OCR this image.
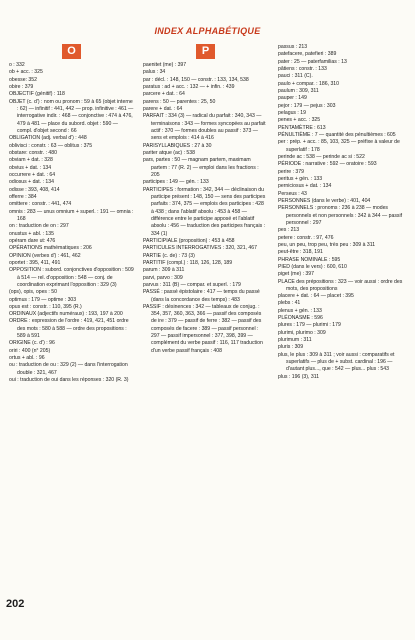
INDEX ALPHABÉTIQUE
O
o : 332
ob + acc. : 325
obesse: 352
obire : 379
OBJECTIF (génitif) : 118
OBJET (c. d') : nom ou pronom : 59 à 65 (objet interne : 62) — infinitif : 441, 442 — prop. infinitive : 461 — interrogative indir. : 468 — conjonctive : 474 à 476, 479 à 481 — place du subord. objet : 590 — compl. d'objet second : 66
OBLIGATION (adj. verbal d') : 448
oblivisci : constr. : 63 — oblitus : 375
obstare: constr. : 480
obviam + dat. : 328
obvius + dat. : 134
occurrere + dat. : 64
odiosus + dat. : 134
odisse : 393, 408, 414
offerre : 384
omittere : constr. : 441, 474
omnis : 283 — unus omnium + superl. : 191 — omnia : 168
on : traduction de on : 297
onustus + abl. : 135
opéram dare ut: 476
OPÉRATIONS mathématiques : 206
OPINION (verbes d') : 461, 462
oportet : 395, 411, 491
OPPOSITION : subord. conjonctives d'opposition : 509 à 514 — rel. d'opposition : 548 — conj. de coordination exprimant l'opposition : 329 (3)
(ops), opis, opes : 50
optimus : 179 — optime : 303
opus est : constr. : 110, 395 (R.)
ORDINAUX (adjectifs numéraux) : 193, 197 à 200
ORDRE : expression de l'ordre : 419, 421, 451 ordre des mots : 580 à 588 — ordre des propositions : 589 à 591
ORIGINE (c. d') : 96
oriri : 400 (n° 205)
ortus + abl. : 96
ou : traduction de ou : 329 (2) — dans l'interrogation double : 321, 467
oui : traduction de oui dans les réponses : 320 (R. 3)
P
paenitet (me) : 397
palus : 34
par : décl. : 148, 150 — constr. : 133, 134, 538
paratus : ad + acc. : 132 — + infin. : 439
parcere + dat. : 64
parens : 50 — parentes : 25, 50
parere + dat. : 64
PARFAIT : 334 (3) — radical du parfait : 340, 343 — terminaisons : 343 — formes syncopées au parfait actif : 370 — formes doubles au passif : 373 — sens et emplois : 414 à 416
PARISYLLABIQUES : 27 à 30
pariter atque (ac) : 538
pars, partes : 50 — magnam partem, maximam partem : 77 (R. 2) — emploi dans les fractions : 205
participes : 149 — gén. : 133
PARTICIPES : formation : 342, 344 — déclinaison du participe présent : 148, 150 — sens des participes parfaits : 374, 375 — emplois des participes : 428 à 438 ; dans l'ablatif absolu : 453 à 458 — différence entre le participe apposé et l'ablatif absolu : 456 — traduction des participes français : 334 (1)
PARTICIPIALE (proposition) : 453 à 458
PARTICULES INTERROGATIVES : 320, 321, 467
PARTIE (c. de) : 73 (3)
PARTITIF (compl.) : 118, 126, 128, 189
parum : 309 à 311
parvi, parvo : 309
parvus : 311 (B) — compar. et superl. : 179
PASSÉ : passé épistolaire : 417 — temps du passé (dans la concordance des temps) : 483
PASSIF : désinences : 342 — tableaux de conjug. : 354, 357, 360, 363, 366 — passif des composés de ire : 379 — passif de ferre : 382 — passif des composés de facere : 389 — passif personnel : 297 — passif impersonnel : 377, 398, 399 — complément du verbe passif : 116, 117 traduction d'un verbe passif français : 408
passus : 213
patefacere, patefieri : 389
pater : 25 — paterfamilias : 13
pâtiens : constr. : 133
pauci : 311 (C).
paulo + compar. : 186, 310
paulum : 309, 311
pauper : 149
pejor : 179 — pejus : 303
pelagus : 19
penes + acc. : 325
PENTAMÈTRE : 613
PÉNULTIÈME : 7 — quantité des pénultièmes : 605
per : prép. + acc. : 85, 103, 325 — préfixe à valeur de superlatif : 178
perinde ac : 538 — perinde ac si : 522
PÉRIODE : narrative : 592 — oratoire : 593
perire : 379
peritus + gén. : 133
perniciosus + dat. : 134
Perseus : 43
PERSONNES (dans le verbe) : 401, 404
PERSONNELS : pronoms : 236 à 238 — modes personnels et non personnels : 342 à 344 — passif personnel : 297
pes : 213
petere : constr. : 97, 476
peu, un peu, trop peu, très peu : 309 à 311
peut-être : 318, 191
PHRASE NOMINALE : 595
PIED (dans le vers) : 600, 610
piget (me) : 397
PLACE des prépositions : 323 — voir aussi : ordre des mots, des propositions
placere + dat. : 64 — placet : 395
plebs : 41
plenus + gén. : 133
PLÉONASME : 596
plures : 179 — plurimi : 179
plurimi, plurimo : 309
plurimum : 311
pluris : 309
plus, le plus : 309 à 311 ; voir aussi : comparatifs et superlatifs — plus de + subst. cardinal : 196 — d'autant plus..., que : 542 — plus... plus : 543
plus : 196 (3), 311
202
